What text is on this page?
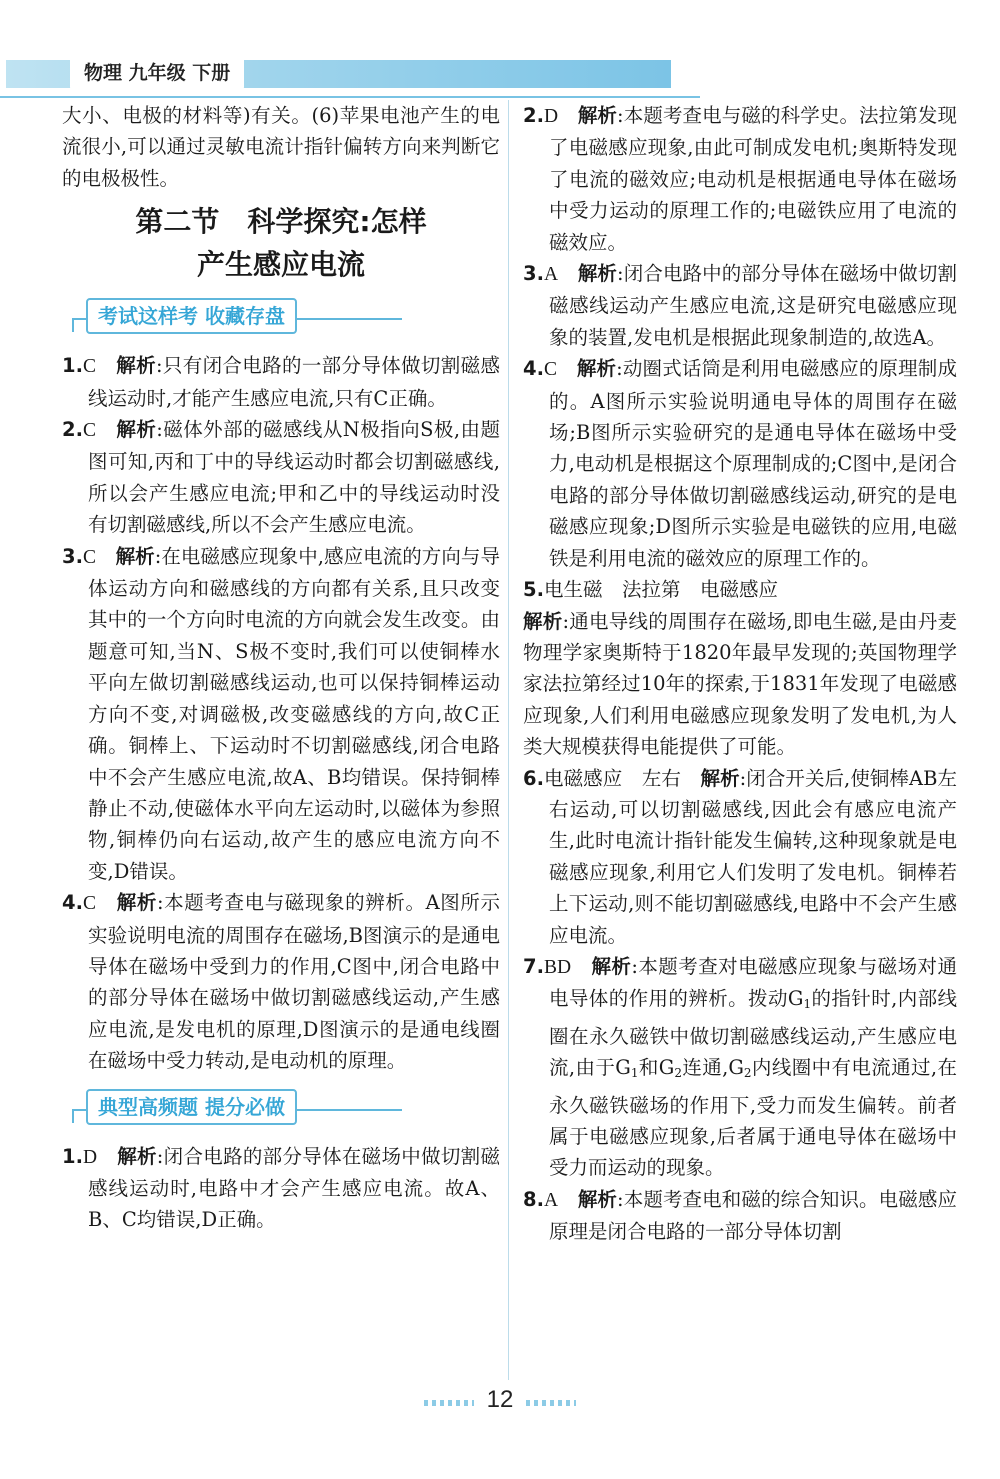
物理 九年级 下册

大小、电极的材料等)有关。(6)苹果电池产生的电流很小,可以通过灵敏电流计指针偏转方向来判断它的电极极性。

第二节　科学探究:怎样
产生感应电流
考试这样考 收藏存盘

1.C　 解析:只有闭合电路的一部分导体做切割磁感线运动时,才能产生感应电流,只有C正确。

2.C　 解析:磁体外部的磁感线从N极指向S极,由题图可知,丙和丁中的导线运动时都会切割磁感线,所以会产生感应电流;甲和乙中的导线运动时没有切割磁感线,所以不会产生感应电流。

3.C　 解析:在电磁感应现象中,感应电流的方向与导体运动方向和磁感线的方向都有关系,且只改变其中的一个方向时电流的方向就会发生改变。由题意可知,当N、S极不变时,我们可以使铜棒水平向左做切割磁感线运动,也可以保持铜棒运动方向不变,对调磁极,改变磁感线的方向,故C正确。铜棒上、下运动时不切割磁感线,闭合电路中不会产生感应电流,故A、B均错误。保持铜棒静止不动,使磁体水平向左运动时,以磁体为参照物,铜棒仍向右运动,故产生的感应电流方向不变,D错误。

4.C　 解析:本题考查电与磁现象的辨析。A图所示实验说明电流的周围存在磁场,B图演示的是通电导体在磁场中受到力的作用,C图中,闭合电路中的部分导体在磁场中做切割磁感线运动,产生感应电流,是发电机的原理,D图演示的是通电线圈在磁场中受力转动,是电动机的原理。

典型高频题 提分必做

1.D　 解析:闭合电路的部分导体在磁场中做切割磁感线运动时,电路中才会产生感应电流。故A、B、C均错误,D正确。

2.D　 解析:本题考查电与磁的科学史。法拉第发现了电磁感应现象,由此可制成发电机;奥斯特发现了电流的磁效应;电动机是根据通电导体在磁场中受力运动的原理工作的;电磁铁应用了电流的磁效应。

3.A　 解析:闭合电路中的部分导体在磁场中做切割磁感线运动产生感应电流,这是研究电磁感应现象的装置,发电机是根据此现象制造的,故选A。

4.C　 解析:动圈式话筒是利用电磁感应的原理制成的。A图所示实验说明通电导体的周围存在磁场;B图所示实验研究的是通电导体在磁场中受力,电动机是根据这个原理制成的;C图中,是闭合电路的部分导体做切割磁感线运动,研究的是电磁感应现象;D图所示实验是电磁铁的应用,电磁铁是利用电流的磁效应的原理工作的。

5.电生磁　法拉第　电磁感应

解析:通电导线的周围存在磁场,即电生磁,是由丹麦物理学家奥斯特于1820年最早发现的;英国物理学家法拉第经过10年的探索,于1831年发现了电磁感应现象,人们利用电磁感应现象发明了发电机,为人类大规模获得电能提供了可能。

6.电磁感应　左右　 解析:闭合开关后,使铜棒AB左右运动,可以切割磁感线,因此会有感应电流产生,此时电流计指针能发生偏转,这种现象就是电磁感应现象,利用它人们发明了发电机。铜棒若上下运动,则不能切割磁感线,电路中不会产生感应电流。

7.BD　 解析:本题考查对电磁感应现象与磁场对通电导体的作用的辨析。拨动$G_1$的指针时,内部线圈在永久磁铁中做切割磁感线运动,产生感应电流,由于$G_1$和$G_2$连通$,G_2$内线圈中有电流通过,在永久磁铁磁场的作用下,受力而发生偏转。前者属于电磁感应现象,后者属于通电导体在磁场中受力而运动的现象。

8.A　 解析:本题考查电和磁的综合知识。电磁感应原理是闭合电路的一部分导体切割

12
